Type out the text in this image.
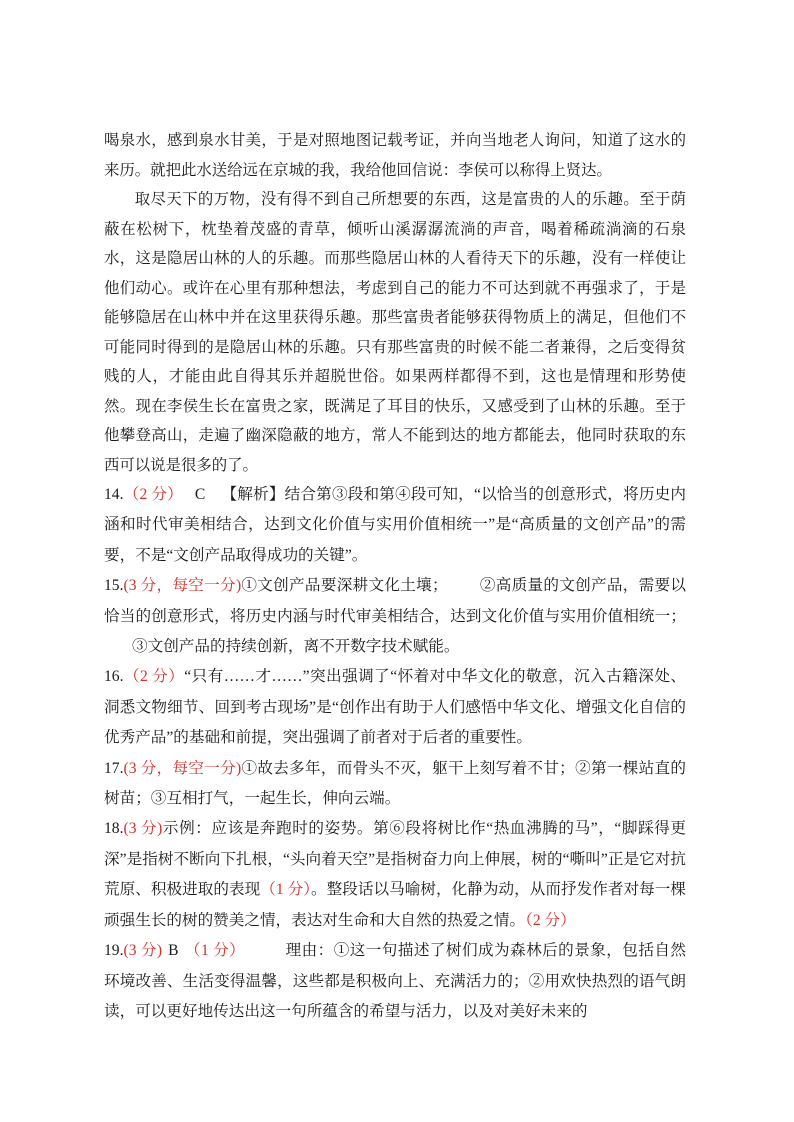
喝泉水，感到泉水甘美，于是对照地图记载考证，并向当地老人询问，知道了这水的来历。就把此水送给远在京城的我，我给他回信说：李侯可以称得上贤达。

取尽天下的万物，没有得不到自己所想要的东西，这是富贵的人的乐趣。至于荫蔽在松树下，枕垫着茂盛的青草，倾听山溪潺潺流淌的声音，喝着稀疏淌滴的石泉水，这是隐居山林的人的乐趣。而那些隐居山林的人看待天下的乐趣，没有一样使让他们动心。或许在心里有那种想法，考虑到自己的能力不可达到就不再强求了，于是能够隐居在山林中并在这里获得乐趣。那些富贵者能够获得物质上的满足，但他们不可能同时得到的是隐居山林的乐趣。只有那些富贵的时候不能二者兼得，之后变得贫贱的人，才能由此自得其乐并超脱世俗。如果两样都得不到，这也是情理和形势使然。现在李侯生长在富贵之家，既满足了耳目的快乐，又感受到了山林的乐趣。至于他攀登高山，走遍了幽深隐蔽的地方，常人不能到达的地方都能去，他同时获取的东西可以说是很多的了。

14.（2 分） C 【解析】结合第③段和第④段可知，“以恰当的创意形式，将历史内涵和时代审美相结合，达到文化价值与实用价值相统一”是“高质量的文创产品”的需要，不是“文创产品取得成功的关键”。

15.(3 分，每空一分)①文创产品要深耕文化土壤； ②高质量的文创产品，需要以恰当的创意形式，将历史内涵与时代审美相结合，达到文化价值与实用价值相统一；③文创产品的持续创新，离不开数字技术赋能。

16.（2 分）“只有……才……”突出强调了“怀着对中华文化的敬意，沉入古籍深处、洞悉文物细节、回到考古现场”是“创作出有助于人们感悟中华文化、增强文化自信的优秀产品”的基础和前提，突出强调了前者对于后者的重要性。

17.(3 分，每空一分)①故去多年，而骨头不灭，躯干上刻写着不甘；②第一棵站直的树苗；③互相打气，一起生长，伸向云端。

18.(3 分)示例：应该是奔跑时的姿势。第⑥段将树比作“热血沸腾的马”，“脚踩得更深”是指树不断向下扎根，“头向着天空”是指树奋力向上伸展，树的“嘶叫”正是它对抗荒原、积极进取的表现（1 分）。整段话以马喻树，化静为动，从而抒发作者对每一棵顽强生长的树的赞美之情，表达对生命和大自然的热爱之情。（2 分）

19.(3 分) B （1 分）	理由：①这一句描述了树们成为森林后的景象，包括自然环境改善、生活变得温馨，这些都是积极向上、充满活力的；②用欢快热烈的语气朗读，可以更好地传达出这一句所蕴含的希望与活力，以及对美好未来的
